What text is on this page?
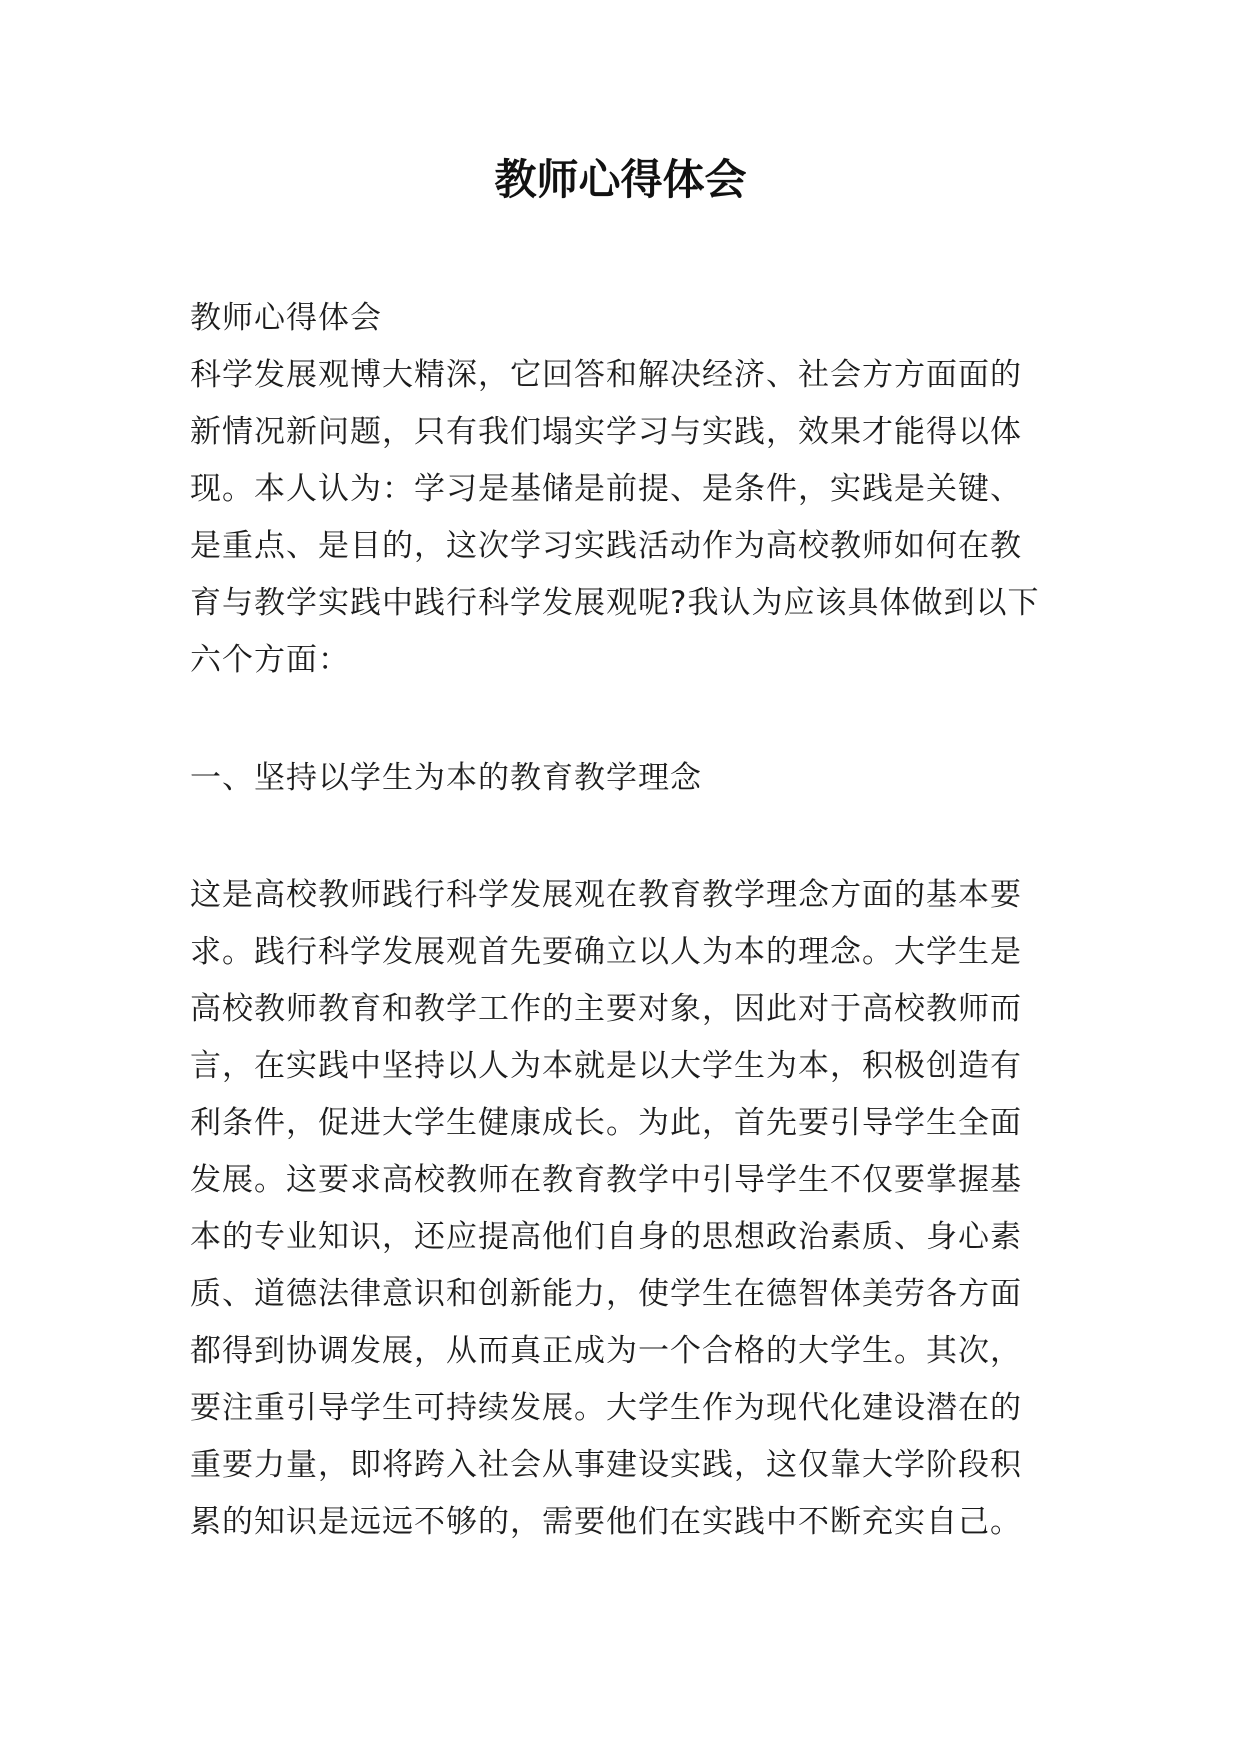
教师心得体会

教师心得体会

科学发展观博大精深，它回答和解决经济、社会方方面面的新情况新问题，只有我们塌实学习与实践，效果才能得以体现。本人认为：学习是基储是前提、是条件，实践是关键、是重点、是目的，这次学习实践活动作为高校教师如何在教育与教学实践中践行科学发展观呢?我认为应该具体做到以下六个方面：

一、坚持以学生为本的教育教学理念

这是高校教师践行科学发展观在教育教学理念方面的基本要求。践行科学发展观首先要确立以人为本的理念。大学生是高校教师教育和教学工作的主要对象，因此对于高校教师而言，在实践中坚持以人为本就是以大学生为本，积极创造有利条件，促进大学生健康成长。为此，首先要引导学生全面发展。这要求高校教师在教育教学中引导学生不仅要掌握基本的专业知识，还应提高他们自身的思想政治素质、身心素质、道德法律意识和创新能力，使学生在德智体美劳各方面都得到协调发展，从而真正成为一个合格的大学生。其次，要注重引导学生可持续发展。大学生作为现代化建设潜在的重要力量，即将跨入社会从事建设实践，这仅靠大学阶段积累的知识是远远不够的，需要他们在实践中不断充实自己。
